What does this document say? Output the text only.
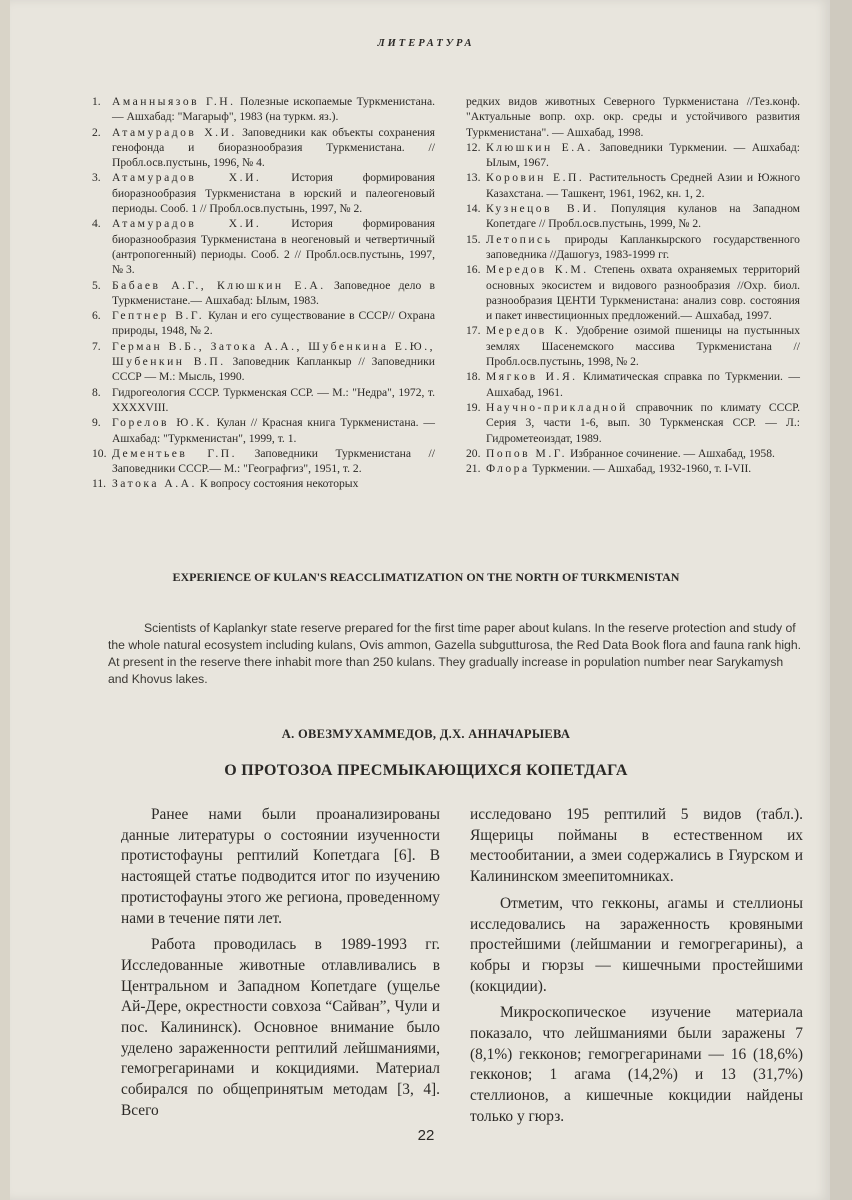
ЛИТЕРАТУРА
1. Аманныязов Г.Н. Полезные ископаемые Туркменистана.— Ашхабад: "Магарыф", 1983 (на туркм. яз.).
2. Атамурадов Х.И. Заповедники как объекты сохранения генофонда и биоразнообразия Туркменистана. // Пробл.осв.пустынь, 1996, № 4.
3. Атамурадов Х.И.	История формирования биоразнообразия Туркменистана в юрский и палеогеновый периоды. Сооб. 1 // Пробл.осв.пустынь, 1997, № 2.
4. Атамурадов Х.И.	История формирования биоразнообразия Туркменистана в неогеновый и четвертичный (антропогенный) периоды. Сооб. 2 // Пробл.осв.пустынь, 1997, № 3.
5. Бабаев А.Г., Клюшкин Е.А. Заповедное дело в Туркменистане.— Ашхабад: Ылым, 1983.
6. Гептнер В.Г. Кулан и его существование в СССР// Охрана природы, 1948, № 2.
7. Герман В.Б., Затока А.А., Шубенкина Е.Ю., Шубенкин В.П. Заповедник Капланкыр // Заповедники СССР — М.: Мысль, 1990.
8. Гидрогеология СССР. Туркменская ССР. — М.: "Недра", 1972, т. XXXXVIII.
9. Горелов Ю.К. Кулан // Красная книга Туркменистана. — Ашхабад: "Туркменистан", 1999, т. 1.
10. Дементьев Г.П. Заповедники Туркменистана //Заповедники СССР.— М.: "Географгиз", 1951, т. 2.
11. Затока А.А. К вопросу состояния некоторых
редких видов животных Северного Туркменистана //Тез.конф. "Актуальные вопр. охр. окр. среды и устойчивого развития Туркменистана". — Ашхабад, 1998.
12. Клюшкин Е.А. Заповедники Туркмении. — Ашхабад: Ылым, 1967.
13. Коровин Е.П. Растительность Средней Азии и Южного Казахстана. — Ташкент, 1961, 1962, кн. 1, 2.
14. Кузнецов В.И. Популяция куланов на Западном Копетдаге // Пробл.осв.пустынь, 1999, № 2.
15. Летопись природы Капланкырского государственного заповедника //Дашогуз, 1983-1999 гг.
16. Мередов К.М. Степень охвата охраняемых территорий основных экосистем и видового разнообразия //Охр. биол. разнообразия ЦЕНТИ Туркменистана: анализ совр. состояния и пакет инвестиционных предложений.— Ашхабад, 1997.
17. Мередов К. Удобрение озимой пшеницы на пустынных землях Шасенемского массива Туркменистана //Пробл.осв.пустынь, 1998, № 2.
18. Мягков И.Я. Климатическая справка по Туркмении. — Ашхабад, 1961.
19. Научно-прикладной справочник по климату СССР. Серия 3, части 1-6, вып. 30 Туркменская ССР. — Л.: Гидрометеоиздат, 1989.
20. Попов М.Г. Избранное сочинение. — Ашхабад, 1958.
21. Флора Туркмении. — Ашхабад, 1932-1960, т. I-VII.
EXPERIENCE OF KULAN'S REACCLIMATIZATION ON THE NORTH OF TURKMENISTAN
Scientists of Kaplankyr state reserve prepared for the first time paper about kulans. In the reserve protection and study of the whole natural ecosystem including kulans, Ovis ammon, Gazella subgutturosa, the Red Data Book flora and fauna rank high. At present in the reserve there inhabit more than 250 kulans. They gradually increase in population number near Sarykamysh and Khovus lakes.
А. ОВЕЗМУХАММЕДОВ, Д.Х. АННАЧАРЫЕВА
О ПРОТОЗОА ПРЕСМЫКАЮЩИХСЯ КОПЕТДАГА

Ранее нами были проанализированы данные литературы о состоянии изученности протистофауны рептилий Копетдага [6]. В настоящей статье подводится итог по изучению протистофауны этого же региона, проведенному нами в течение пяти лет.

Работа проводилась в 1989-1993 гг. Исследованные животные отлавливались в Центральном и Западном Копетдаге (ущелье Ай-Дере, окрестности совхоза “Сайван”, Чули и пос. Калининск). Основное внимание было уделено зараженности рептилий лейшманиями, гемогрегаринами и кокцидиями. Материал собирался по общепринятым методам [3, 4]. Всего

исследовано 195 рептилий 5 видов (табл.). Ящерицы пойманы в естественном их местообитании, а змеи содержались в Гяурском и Калининском змеепитомниках.

Отметим, что гекконы, агамы и стеллионы исследовались на зараженность кровяными простейшими (лейшмании и гемогрегарины), а кобры и гюрзы — кишечными простейшими (кокцидии).

Микроскопическое изучение материала показало, что лейшманиями были заражены 7 (8,1%) гекконов; гемогрегаринами — 16 (18,6%) гекконов; 1 агама (14,2%) и 13 (31,7%) стеллионов, а кишечные кокцидии найдены только у гюрз.

22
